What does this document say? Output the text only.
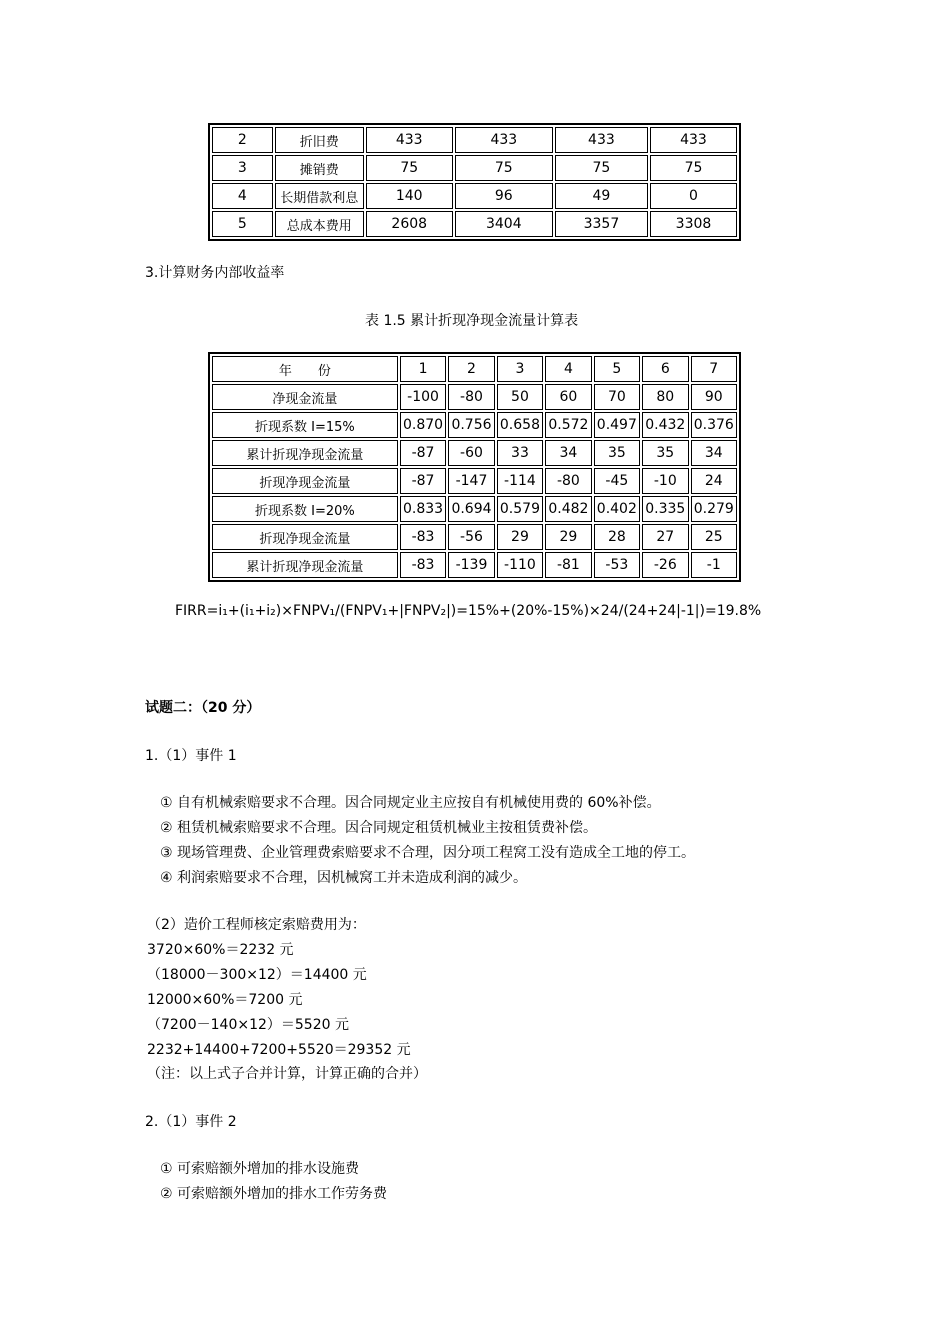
2	折旧费	433	433	433	433
3	摊销费	75	75	75	75
4	长期借款利息	140	96	49	0
5	总成本费用	2608	3404	3357	3308
3.计算财务内部收益率
表 1.5 累计折现净现金流量计算表
年　　份	1	2	3	4	5	6	7
净现金流量	-100	-80	50	60	70	80	90
折现系数 I=15%	0.870	0.756	0.658	0.572	0.497	0.432	0.376
累计折现净现金流量	-87	-60	33	34	35	35	34
折现净现金流量	-87	-147	-114	-80	-45	-10	24
折现系数 I=20%	0.833	0.694	0.579	0.482	0.402	0.335	0.279
折现净现金流量	-83	-56	29	29	28	27	25
累计折现净现金流量	-83	-139	-110	-81	-53	-26	-1
FIRR=i₁+(i₁+i₂)×FNPV₁/(FNPV₁+|FNPV₂|)=15%+(20%-15%)×24/(24+24|-1|)=19.8%
试题二：（20 分）
1.（1）事件 1
① 自有机械索赔要求不合理。因合同规定业主应按自有机械使用费的 60%补偿。
② 租赁机械索赔要求不合理。因合同规定租赁机械业主按租赁费补偿。
③ 现场管理费、企业管理费索赔要求不合理，因分项工程窝工没有造成全工地的停工。
④ 利润索赔要求不合理，因机械窝工并未造成利润的减少。
（2）造价工程师核定索赔费用为：
3720×60%＝2232 元
（18000－300×12）＝14400 元
12000×60%＝7200 元
（7200－140×12）＝5520 元
2232+14400+7200+5520＝29352 元
（注：以上式子合并计算，计算正确的合并）
2.（1）事件 2
① 可索赔额外增加的排水设施费
② 可索赔额外增加的排水工作劳务费
